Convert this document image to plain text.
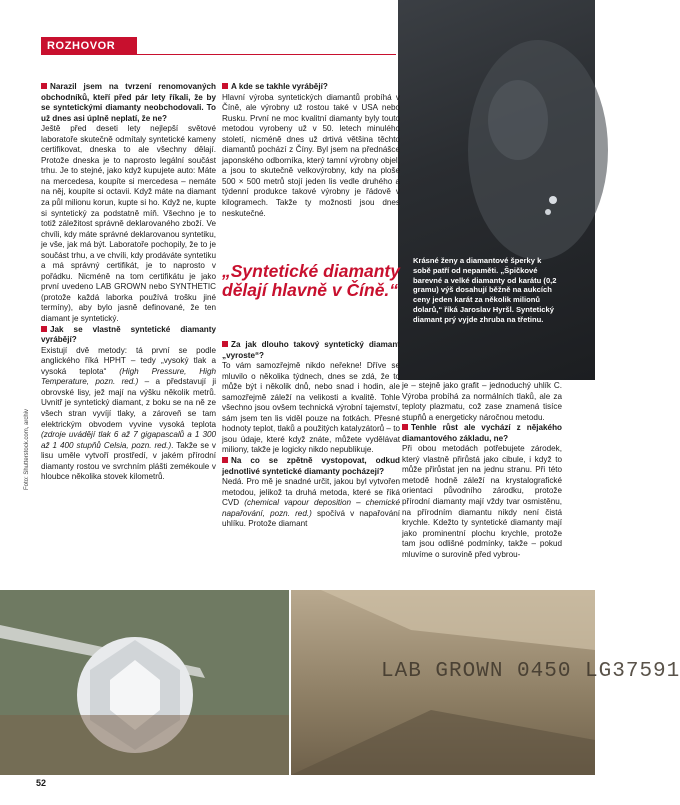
ROZHOVOR
Krásné ženy a diamantové šperky k sobě patří od nepaměti. „Špičkové barevné a velké diamanty od karátu (0,2 gramu) výš dosahují běžně na aukcích ceny jeden karát za několik milionů dolarů,“ říká Jaroslav Hyršl. Syntetický diamant prý vyjde zhruba na třetinu.

Narazil jsem na tvrzení renomovaných obchodníků, kteří před pár lety říkali, že by se syntetickými diamanty neobchodovali. To už dnes asi úplně neplatí, že ne?

Ještě před deseti lety nejlepší světové laboratoře skutečně odmítaly syntetické kameny certifikovat, dneska to ale všechny dělají. Protože dneska je to naprosto legální součást trhu. Je to stejné, jako když kupujete auto: Máte na mercedesa, koupíte si mercedesa – nemáte na něj, koupíte si octavii. Když máte na diamant za půl milionu korun, kupte si ho. Když ne, kupte si syntetický za podstatně míň. Všechno je to totiž záležitost správně deklarovaného zboží. Ve chvíli, kdy máte správné deklarovanou syntetiku, je vše, jak má být. Laboratoře pochopily, že to je součást trhu, a ve chvíli, kdy prodáváte syntetiku a má správný certifikát, je to naprosto v pořádku. Nicméně na tom certifikátu je jako první uvedeno LAB GROWN nebo SYNTHETIC (protože každá laborka používá trošku jiné termíny), aby bylo jasně definované, že ten diamant je syntetický.

Jak se vlastně syntetické diamanty vyrábějí?

Existují dvě metody: tá první se podle anglického říká HPHT – tedy „vysoký tlak a vysoká teplota“ (High Pressure, High Temperature, pozn. red.) – a představují ji obrovské lisy, jež mají na výšku několik metrů. Uvnitř je syntetický diamant, z boku se na ně ze všech stran vyvíjí tlaky, a zároveň se tam elektrickým obvodem vyvine vysoká teplota (zdroje uvádějí tlak 6 až 7 gigapascalů a 1 300 až 1 400 stupňů Celsia, pozn. red.). Takže se v lisu uměle vytvoří prostředí, v jakém přírodní diamanty rostou ve svrchním plášti zemékoule v hloubce několika stovek kilometrů.

A kde se takhle vyrábějí?

Hlavní výroba syntetických diamantů probíhá v Číně, ale výrobny už rostou také v USA nebo Rusku. První ne moc kvalitní diamanty byly touto metodou vyrobeny už v 50. letech minulého století, nicméně dnes už drtivá většina těchto diamantů pochází z Číny. Byl jsem na přednášce japonského odborníka, který tamní výrobny objel, a jsou to skutečně velkovýrobny, kdy na ploše 500 × 500 metrů stojí jeden lis vedle druhého a týdenní produkce takové výrobny je řádově v kilogramech. Takže ty možnosti jsou dnes neskutečné.

„Syntetické diamanty dělají hlavně v Číně.“

Za jak dlouho takový syntetický diamant „vyroste“?

To vám samozřejmě nikdo neřekne! Dříve se mluvilo o několika týdnech, dnes se zdá, že to může být i několik dnů, nebo snad i hodin, ale samozřejmě záleží na velikosti a kvalitě. Tohle všechno jsou ovšem technická výrobní tajemství, sám jsem ten lis viděl pouze na fotkách. Přesné hodnoty teplot, tlaků a použitých katalyzátorů – to jsou údaje, které když znáte, můžete vydělávat miliony, takže je logicky nikdo nepublikuje.

Na co se zpětně vystopovat, odkud jednotlivé syntetické diamanty pocházejí?

Nedá. Pro mě je snadné určit, jakou byl vytvořen metodou, jelikož ta druhá metoda, které se říká CVD (chemical vapour deposition – chemické napařování, pozn. red.) spočívá v napařování uhlíku. Protože diamant

je – stejně jako grafit – jednoduchý uhlík C. Výroba probíhá za normálních tlaků, ale za teploty plazmatu, což zase znamená tisíce stupňů a energeticky náročnou metodu.

Tenhle růst ale vychází z nějakého diamantového základu, ne?

Při obou metodách potřebujete zárodek, který vlastně přirůstá jako cibule, i když to může přirůstat jen na jednu stranu. Při této metodě hodně záleží na krystalografické orientaci původního zárodku, protože přírodní diamanty mají vždy tvar osmistěnu, na přírodním diamantu nikdy není čistá krychle. Kdežto ty syntetické diamanty mají jako prominentní plochu krychle, protože tam jsou odlišné podmínky, takže – pokud mluvíme o surovině před vybrou-

Foto: Shutterstock.com, archiv
LAB GROWN 0450 LG37591
52
